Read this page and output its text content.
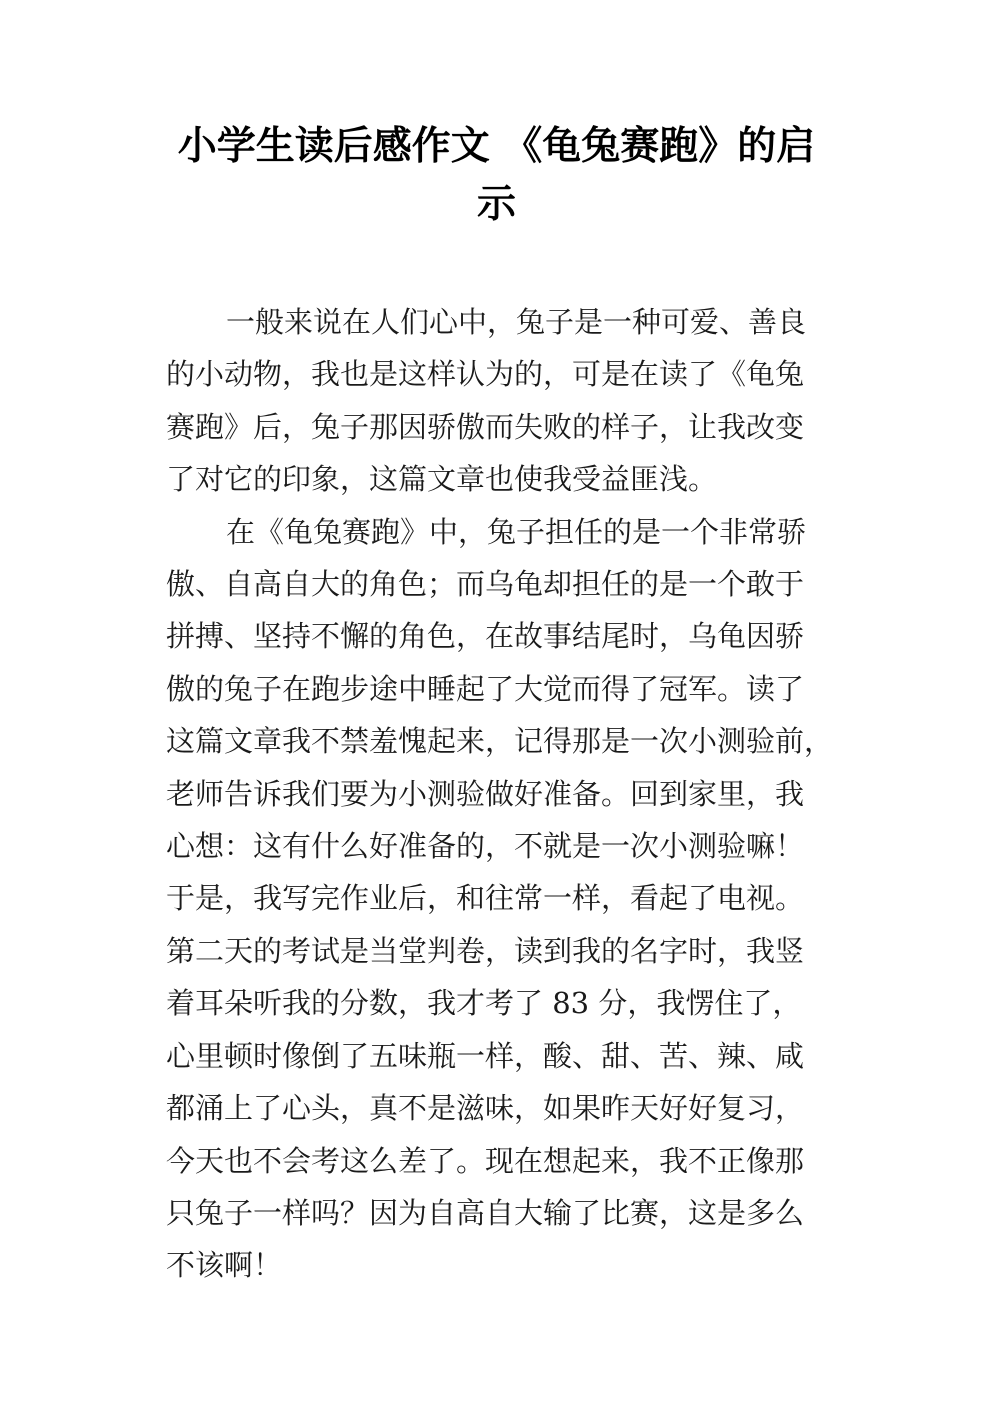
小学生读后感作文 《龟兔赛跑》的启
示
一般来说在人们心中，兔子是一种可爱、善良
的小动物，我也是这样认为的，可是在读了《龟兔
赛跑》后，兔子那因骄傲而失败的样子，让我改变
了对它的印象，这篇文章也使我受益匪浅。
在《龟兔赛跑》中，兔子担任的是一个非常骄
傲、自高自大的角色；而乌龟却担任的是一个敢于
拼搏、坚持不懈的角色，在故事结尾时，乌龟因骄
傲的兔子在跑步途中睡起了大觉而得了冠军。读了
这篇文章我不禁羞愧起来，记得那是一次小测验前，
老师告诉我们要为小测验做好准备。回到家里，我
心想：这有什么好准备的，不就是一次小测验嘛！
于是，我写完作业后，和往常一样，看起了电视。
第二天的考试是当堂判卷，读到我的名字时，我竖
着耳朵听我的分数，我才考了 83 分，我愣住了，
心里顿时像倒了五味瓶一样，酸、甜、苦、辣、咸
都涌上了心头，真不是滋味，如果昨天好好复习，
今天也不会考这么差了。现在想起来，我不正像那
只兔子一样吗？因为自高自大输了比赛，这是多么
不该啊！
